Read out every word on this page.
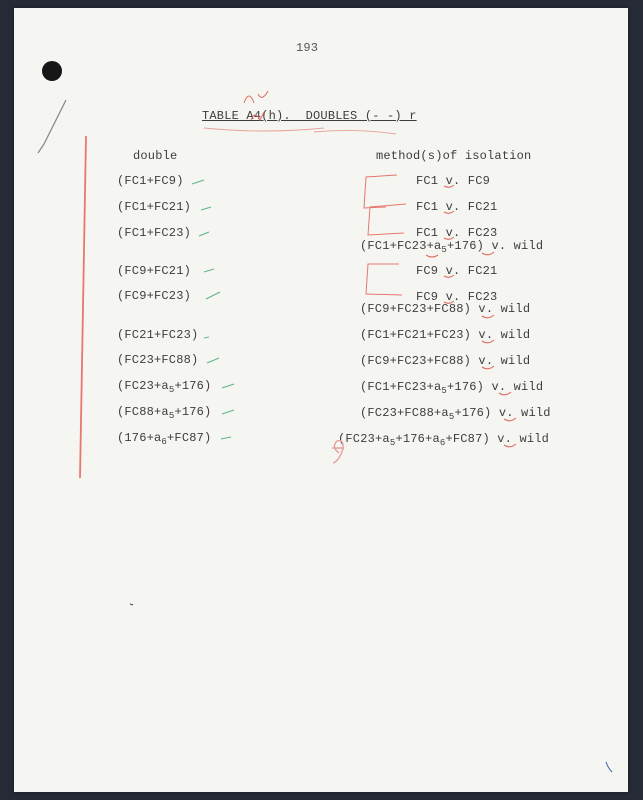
193
TABLE A4(h).  DOUBLES (- -) r
double	method(s)of isolation
(FC1+FC9)
(FC1+FC21)
(FC1+FC23)
(FC9+FC21)
(FC9+FC23)
(FC21+FC23)
(FC23+FC88)
$(FC23+a_5+176)$
$(FC88+a_5+176)$
$(176+a_6+FC87)$
FC1 v. FC9
FC1 v. FC21
FC1 v. FC23
$(FC1+FC23+a_5+176)$ v. wild
FC9 v. FC21
FC9 v. FC23
(FC9+FC23+FC88) v. wild
(FC1+FC21+FC23) v. wild
(FC9+FC23+FC88) v. wild
$(FC1+FC23+a_5+176)$ v. wild
$(FC23+FC88+a_5+176)$ v. wild
$(FC23+a_5+176+a_6+FC87)$ v. wild
